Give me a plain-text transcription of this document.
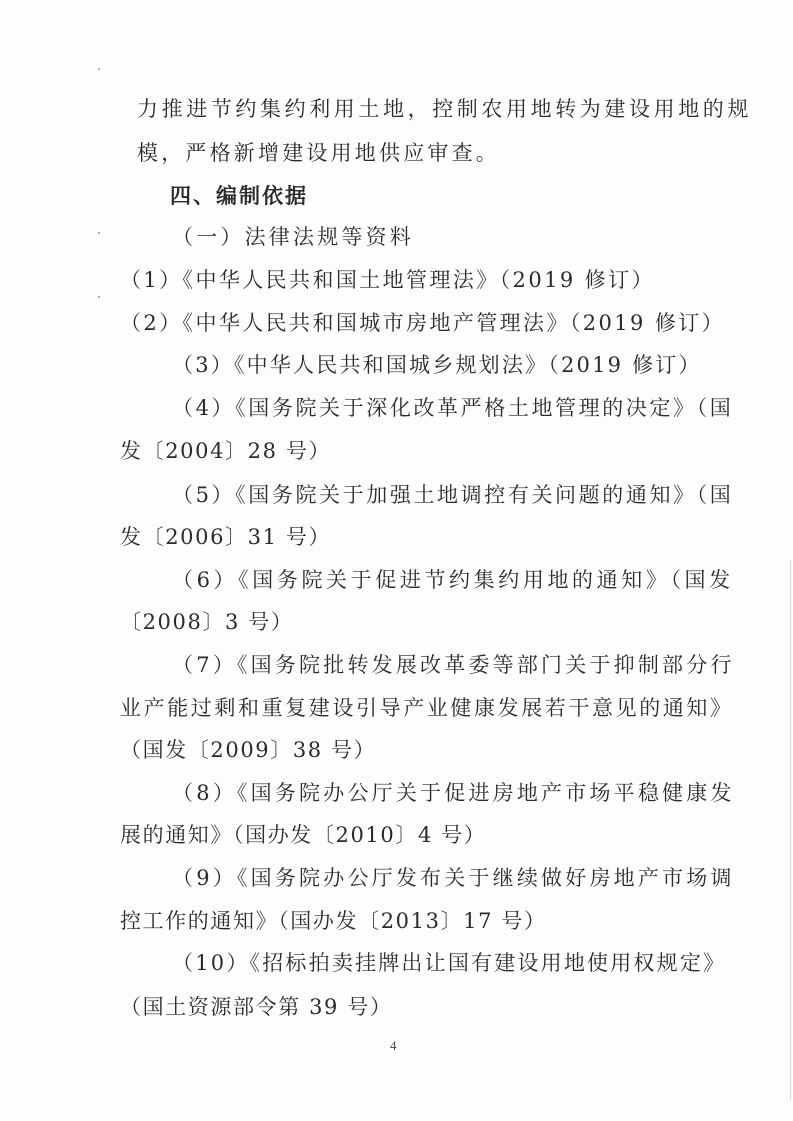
力推进节约集约利用土地，控制农用地转为建设用地的规
模，严格新增建设用地供应审查。
四、编制依据
（一）法律法规等资料
（1）《中华人民共和国土地管理法》（2019 修订）
（2）《中华人民共和国城市房地产管理法》（2019 修订）
（3）《中华人民共和国城乡规划法》（2019 修订）
（4）《国务院关于深化改革严格土地管理的决定》（国
发〔2004〕28 号）
（5）《国务院关于加强土地调控有关问题的通知》（国
发〔2006〕31 号）
（6）《国务院关于促进节约集约用地的通知》（国发
〔2008〕3 号）
（7）《国务院批转发展改革委等部门关于抑制部分行
业产能过剩和重复建设引导产业健康发展若干意见的通知》
（国发〔2009〕38 号）
（8）《国务院办公厅关于促进房地产市场平稳健康发
展的通知》（国办发〔2010〕4 号）
（9）《国务院办公厅发布关于继续做好房地产市场调
控工作的通知》（国办发〔2013〕17 号）
（10）《招标拍卖挂牌出让国有建设用地使用权规定》
（国土资源部令第 39 号）
4
